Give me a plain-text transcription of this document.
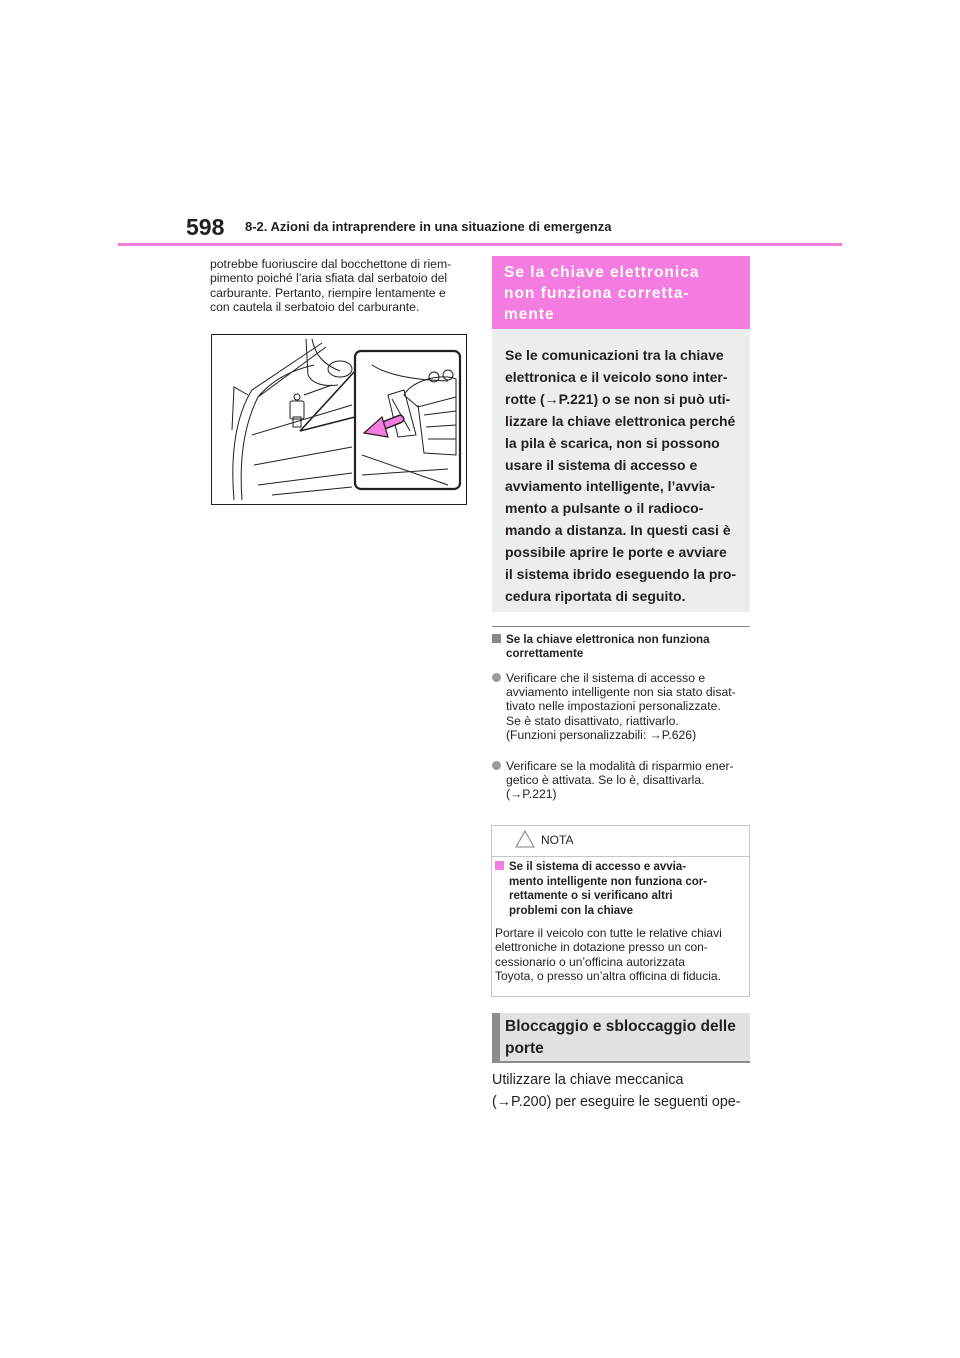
598 8-2. Azioni da intraprendere in una situazione di emergenza
potrebbe fuoriuscire dal bocchettone di riem-
pimento poiché l’aria sfiata dal serbatoio del
carburante. Pertanto, riempire lentamente e
con cautela il serbatoio del carburante.
Se la chiave elettronica
non funziona corretta-
mente
Se le comunicazioni tra la chiave
elettronica e il veicolo sono inter-
rotte (→P.221) o se non si può uti-
lizzare la chiave elettronica perché
la pila è scarica, non si possono
usare il sistema di accesso e
avviamento intelligente, l’avvia-
mento a pulsante o il radioco-
mando a distanza. In questi casi è
possibile aprire le porte e avviare
il sistema ibrido eseguendo la pro-
cedura riportata di seguito.
Se la chiave elettronica non funziona
correttamente
Verificare che il sistema di accesso e
avviamento intelligente non sia stato disat-
tivato nelle impostazioni personalizzate.
Se è stato disattivato, riattivarlo.
(Funzioni personalizzabili: →P.626)
Verificare se la modalità di risparmio ener-
getico è attivata. Se lo è, disattivarla.
(→P.221)
NOTA
Se il sistema di accesso e avvia-
mento intelligente non funziona cor-
rettamente o si verificano altri
problemi con la chiave
Portare il veicolo con tutte le relative chiavi
elettroniche in dotazione presso un con-
cessionario o un’officina autorizzata
Toyota, o presso un’altra officina di fiducia.
Bloccaggio e sbloccaggio delle
porte
Utilizzare la chiave meccanica
(→P.200) per eseguire le seguenti ope-
